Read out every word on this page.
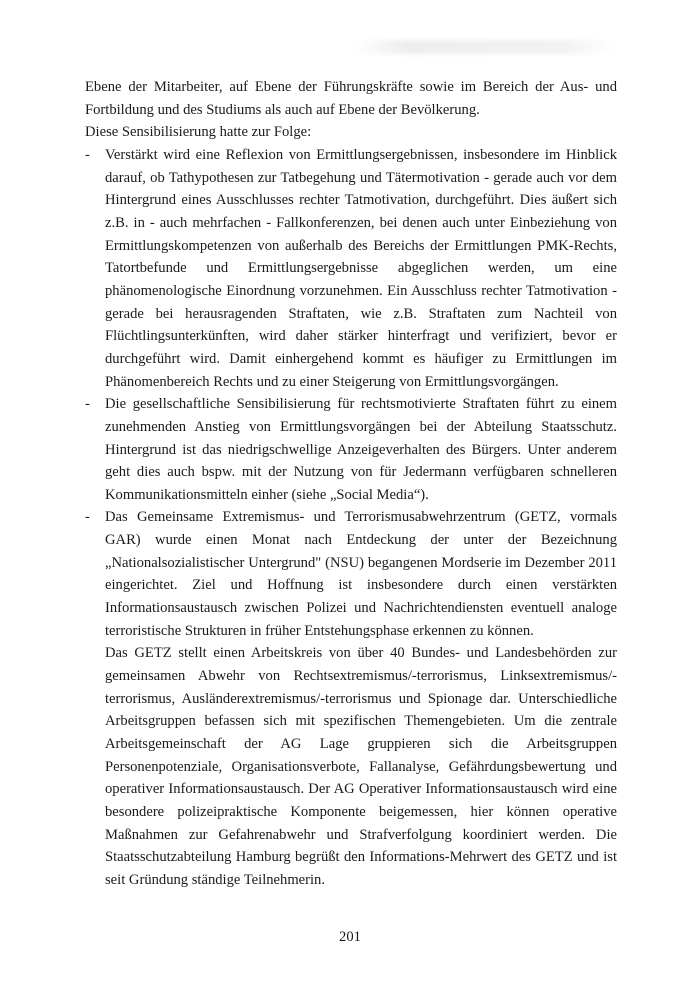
Ebene der Mitarbeiter, auf Ebene der Führungskräfte sowie im Bereich der Aus- und Fortbildung und des Studiums als auch auf Ebene der Bevölkerung.

Diese Sensibilisierung hatte zur Folge:

-	Verstärkt wird eine Reflexion von Ermittlungsergebnissen, insbesondere im Hinblick darauf, ob Tathypothesen zur Tatbegehung und Tätermotivation - gerade auch vor dem Hintergrund eines Ausschlusses rechter Tatmotivation, durchgeführt. Dies äußert sich z.B. in - auch mehrfachen - Fallkonferenzen, bei denen auch unter Einbeziehung von Ermittlungskompetenzen von außerhalb des Bereichs der Ermittlungen PMK-Rechts, Tatortbefunde und Ermittlungsergebnisse abgeglichen werden, um eine phänomenologische Einordnung vorzunehmen. Ein Ausschluss rechter Tatmotivation - gerade bei herausragenden Straftaten, wie z.B. Straftaten zum Nachteil von Flüchtlingsunterkünften, wird daher stärker hinterfragt und verifiziert, bevor er durchgeführt wird. Damit einhergehend kommt es häufiger zu Ermittlungen im Phänomenbereich Rechts und zu einer Steigerung von Ermittlungsvorgängen.
-	Die gesellschaftliche Sensibilisierung für rechtsmotivierte Straftaten führt zu einem zunehmenden Anstieg von Ermittlungsvorgängen bei der Abteilung Staatsschutz. Hintergrund ist das niedrigschwellige Anzeigeverhalten des Bürgers. Unter anderem geht dies auch bspw. mit der Nutzung von für Jedermann verfügbaren schnelleren Kommunikationsmitteln einher (siehe „Social Media“).
-	Das Gemeinsame Extremismus- und Terrorismusabwehrzentrum (GETZ, vormals GAR) wurde einen Monat nach Entdeckung der unter der Bezeichnung „Nationalsozialistischer Untergrund" (NSU) begangenen Mordserie im Dezember 2011 eingerichtet. Ziel und Hoffnung ist insbesondere durch einen verstärkten Informationsaustausch zwischen Polizei und Nachrichtendiensten eventuell analoge terroristische Strukturen in früher Entstehungsphase erkennen zu können.

Das GETZ stellt einen Arbeitskreis von über 40 Bundes- und Landesbehörden zur gemeinsamen Abwehr von Rechtsextremismus/-terrorismus, Linksextremismus/-terrorismus, Ausländerextremismus/-terrorismus und Spionage dar. Unterschiedliche Arbeitsgruppen befassen sich mit spezifischen Themengebieten. Um die zentrale Arbeitsgemeinschaft der AG Lage gruppieren sich die Arbeitsgruppen Personenpotenziale, Organisationsverbote, Fallanalyse, Gefährdungsbewertung und operativer Informationsaustausch. Der AG Operativer Informationsaustausch wird eine besondere polizeipraktische Komponente beigemessen, hier können operative Maßnahmen zur Gefahrenabwehr und Strafverfolgung koordiniert werden. Die Staatsschutzabteilung Hamburg begrüßt den Informations-Mehrwert des GETZ und ist seit Gründung ständige Teilnehmerin.

201
